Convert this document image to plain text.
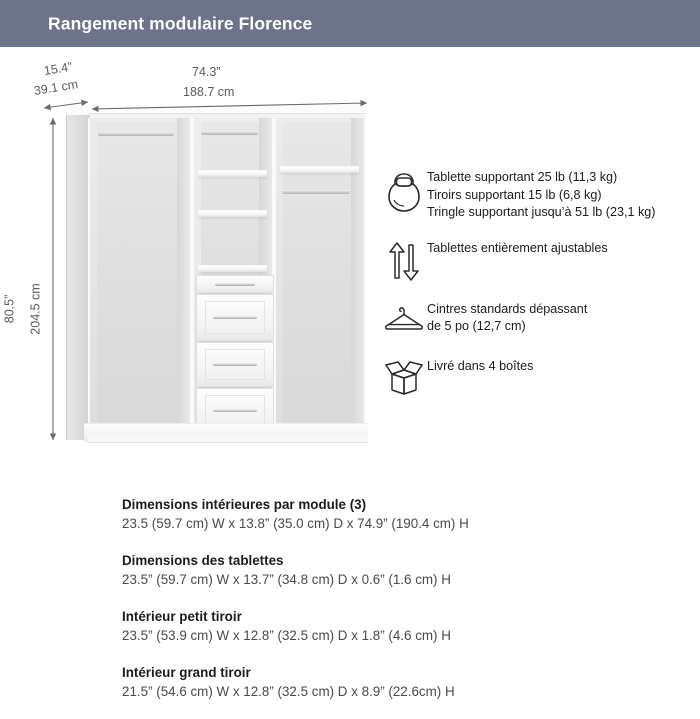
Rangement modulaire Florence
15.4”
39.1 cm
74.3”
188.7 cm
80.5” 204.5 cm
Tablette supportant 25 lb (11,3 kg)
Tiroirs supportant 15 lb (6,8 kg)
Tringle supportant jusqu’à 51 lb (23,1 kg)
Tablettes entièrement ajustables
Cintres standards dépassant
de 5 po (12,7 cm)
Livré dans 4 boîtes
Dimensions intérieures par module (3)
23.5 (59.7 cm) W x 13.8” (35.0 cm) D x 74.9” (190.4 cm) H
Dimensions des tablettes
23.5” (59.7 cm) W x 13.7” (34.8 cm) D x 0.6” (1.6 cm) H
Intérieur petit tiroir
23.5” (53.9 cm) W x 12.8” (32.5 cm) D x 1.8” (4.6 cm) H
Intérieur grand tiroir
21.5” (54.6 cm) W x 12.8” (32.5 cm) D x 8.9” (22.6cm) H
